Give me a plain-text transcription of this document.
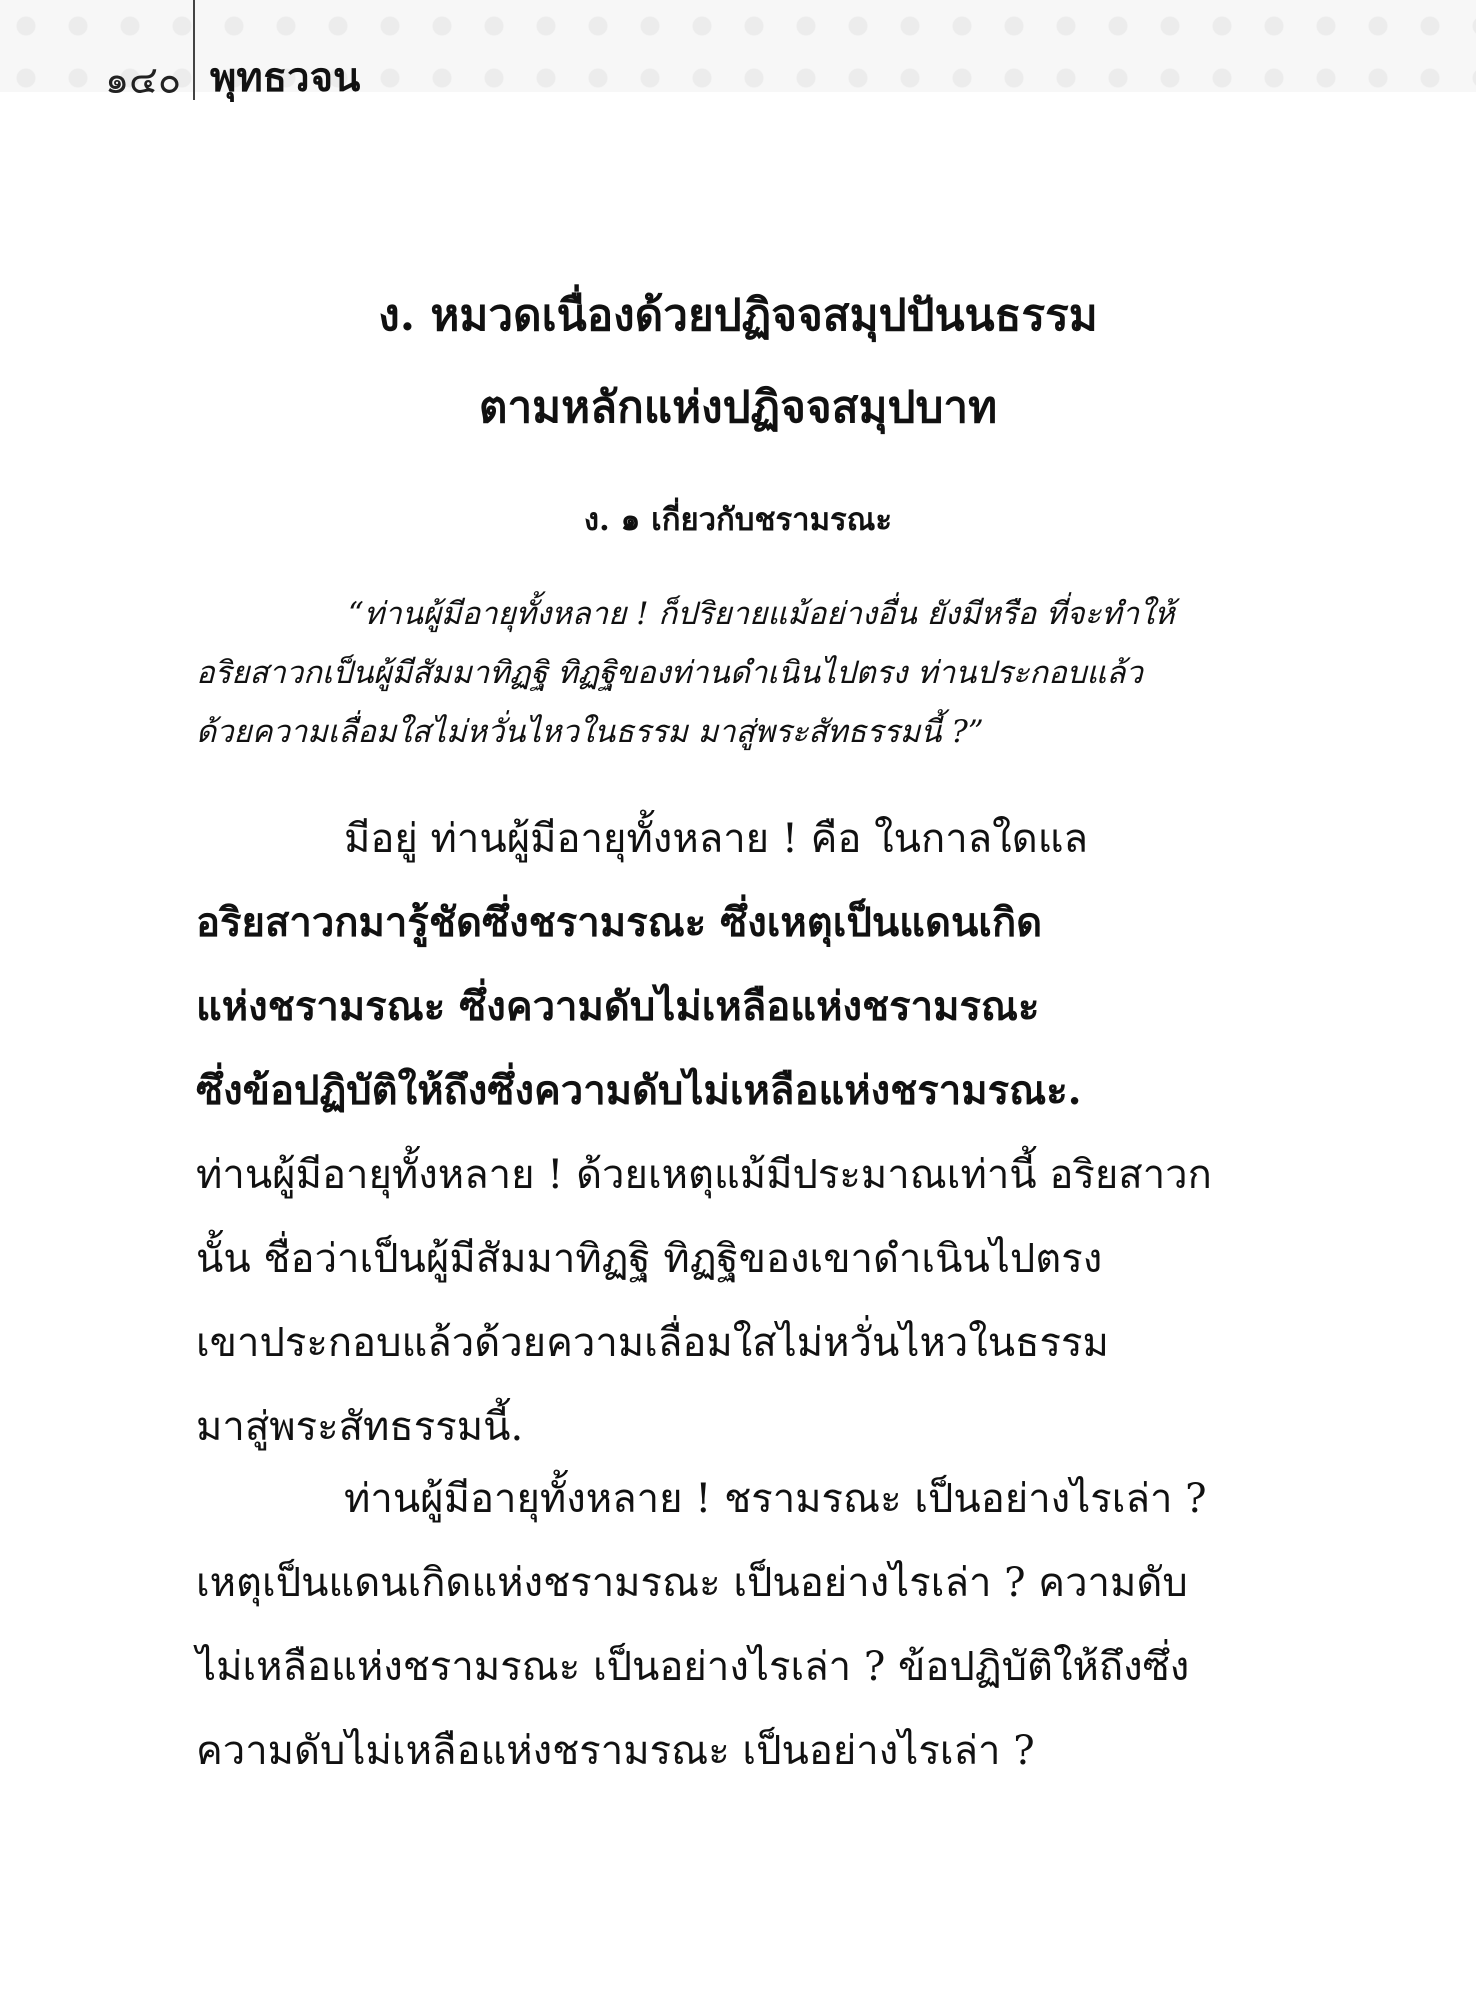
๑๔๐ พุทธวจน
ง. หมวดเนื่องด้วยปฏิจจสมุปปันนธรรม
ตามหลักแห่งปฏิจจสมุปบาท
ง. ๑ เกี่ยวกับชรามรณะ
“ท่านผู้มีอายุทั้งหลาย ! ก็ปริยายแม้อย่างอื่น ยังมีหรือ ที่จะทำให้
อริยสาวกเป็นผู้มีสัมมาทิฏฐิ ทิฏฐิของท่านดำเนินไปตรง ท่านประกอบแล้ว
ด้วยความเลื่อมใสไม่หวั่นไหวในธรรม มาสู่พระสัทธรรมนี้ ?”
มีอยู่ ท่านผู้มีอายุทั้งหลาย ! คือ ในกาลใดแล
อริยสาวกมารู้ชัดซึ่งชรามรณะ ซึ่งเหตุเป็นแดนเกิด
แห่งชรามรณะ ซึ่งความดับไม่เหลือแห่งชรามรณะ
ซึ่งข้อปฏิบัติให้ถึงซึ่งความดับไม่เหลือแห่งชรามรณะ.
ท่านผู้มีอายุทั้งหลาย ! ด้วยเหตุแม้มีประมาณเท่านี้ อริยสาวก
นั้น ชื่อว่าเป็นผู้มีสัมมาทิฏฐิ ทิฏฐิของเขาดำเนินไปตรง
เขาประกอบแล้วด้วยความเลื่อมใสไม่หวั่นไหวในธรรม
มาสู่พระสัทธรรมนี้.
ท่านผู้มีอายุทั้งหลาย ! ชรามรณะ เป็นอย่างไรเล่า ?
เหตุเป็นแดนเกิดแห่งชรามรณะ เป็นอย่างไรเล่า ? ความดับ
ไม่เหลือแห่งชรามรณะ เป็นอย่างไรเล่า ? ข้อปฏิบัติให้ถึงซึ่ง
ความดับไม่เหลือแห่งชรามรณะ เป็นอย่างไรเล่า ?
